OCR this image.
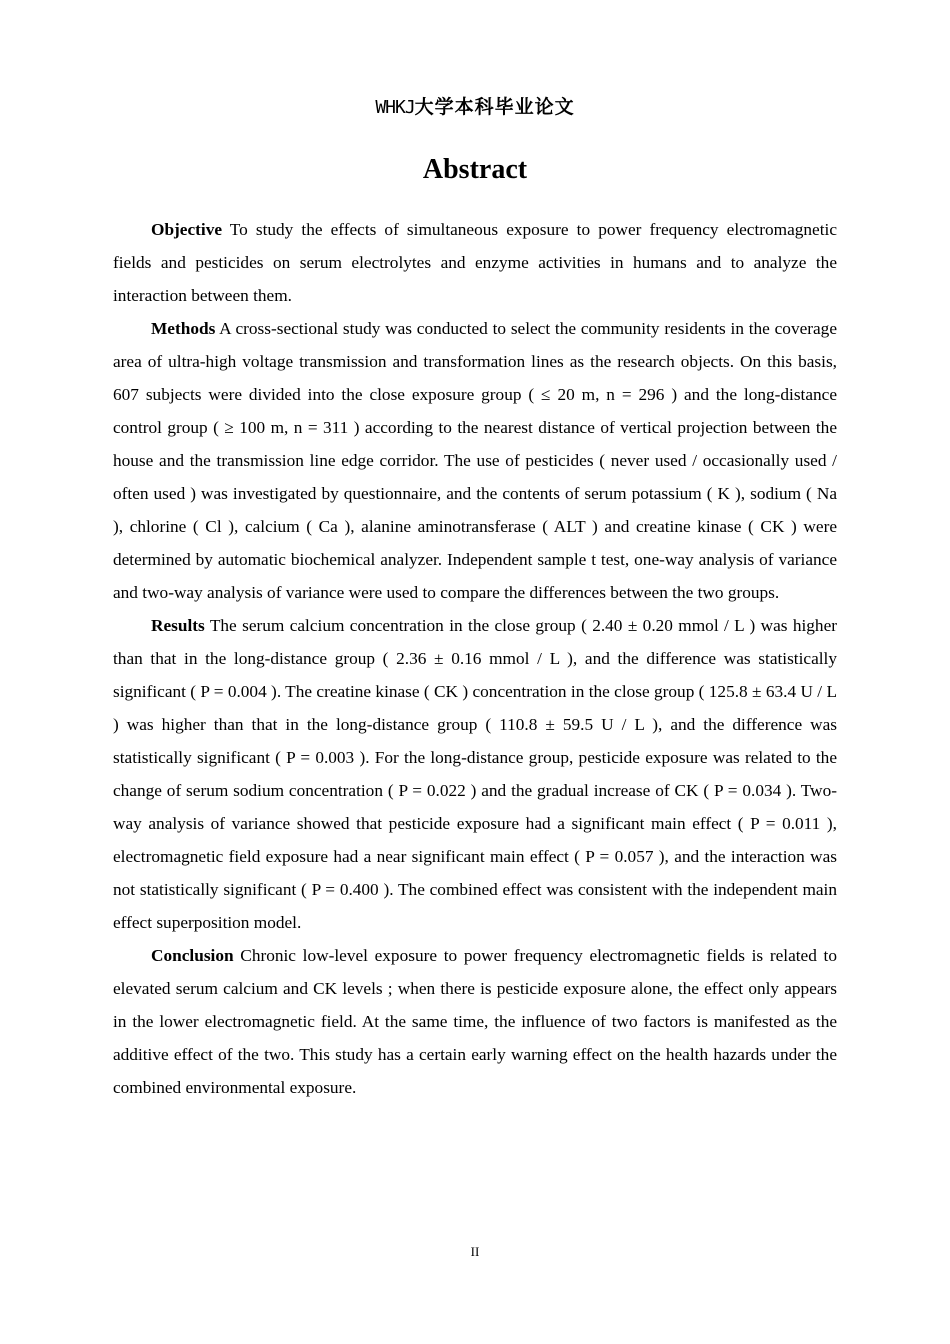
WHKJ大学本科毕业论文
Abstract

Objective To study the effects of simultaneous exposure to power frequency electromagnetic fields and pesticides on serum electrolytes and enzyme activities in humans and to analyze the interaction between them.

Methods A cross-sectional study was conducted to select the community residents in the coverage area of ultra-high voltage transmission and transformation lines as the research objects. On this basis, 607 subjects were divided into the close exposure group ( ≤ 20 m, n = 296 ) and the long-distance control group ( ≥ 100 m, n = 311 ) according to the nearest distance of vertical projection between the house and the transmission line edge corridor. The use of pesticides ( never used / occasionally used / often used ) was investigated by questionnaire, and the contents of serum potassium ( K ), sodium ( Na ), chlorine ( Cl ), calcium ( Ca ), alanine aminotransferase ( ALT ) and creatine kinase ( CK ) were determined by automatic biochemical analyzer. Independent sample t test, one-way analysis of variance and two-way analysis of variance were used to compare the differences between the two groups.

Results The serum calcium concentration in the close group ( 2.40 ± 0.20 mmol / L ) was higher than that in the long-distance group ( 2.36 ± 0.16 mmol / L ), and the difference was statistically significant ( P = 0.004 ). The creatine kinase ( CK ) concentration in the close group ( 125.8 ± 63.4 U / L ) was higher than that in the long-distance group ( 110.8 ± 59.5 U / L ), and the difference was statistically significant ( P = 0.003 ). For the long-distance group, pesticide exposure was related to the change of serum sodium concentration ( P = 0.022 ) and the gradual increase of CK ( P = 0.034 ). Two-way analysis of variance showed that pesticide exposure had a significant main effect ( P = 0.011 ), electromagnetic field exposure had a near significant main effect ( P = 0.057 ), and the interaction was not statistically significant ( P = 0.400 ). The combined effect was consistent with the independent main effect superposition model.

Conclusion Chronic low-level exposure to power frequency electromagnetic fields is related to elevated serum calcium and CK levels ; when there is pesticide exposure alone, the effect only appears in the lower electromagnetic field. At the same time, the influence of two factors is manifested as the additive effect of the two. This study has a certain early warning effect on the health hazards under the combined environmental exposure.

II
